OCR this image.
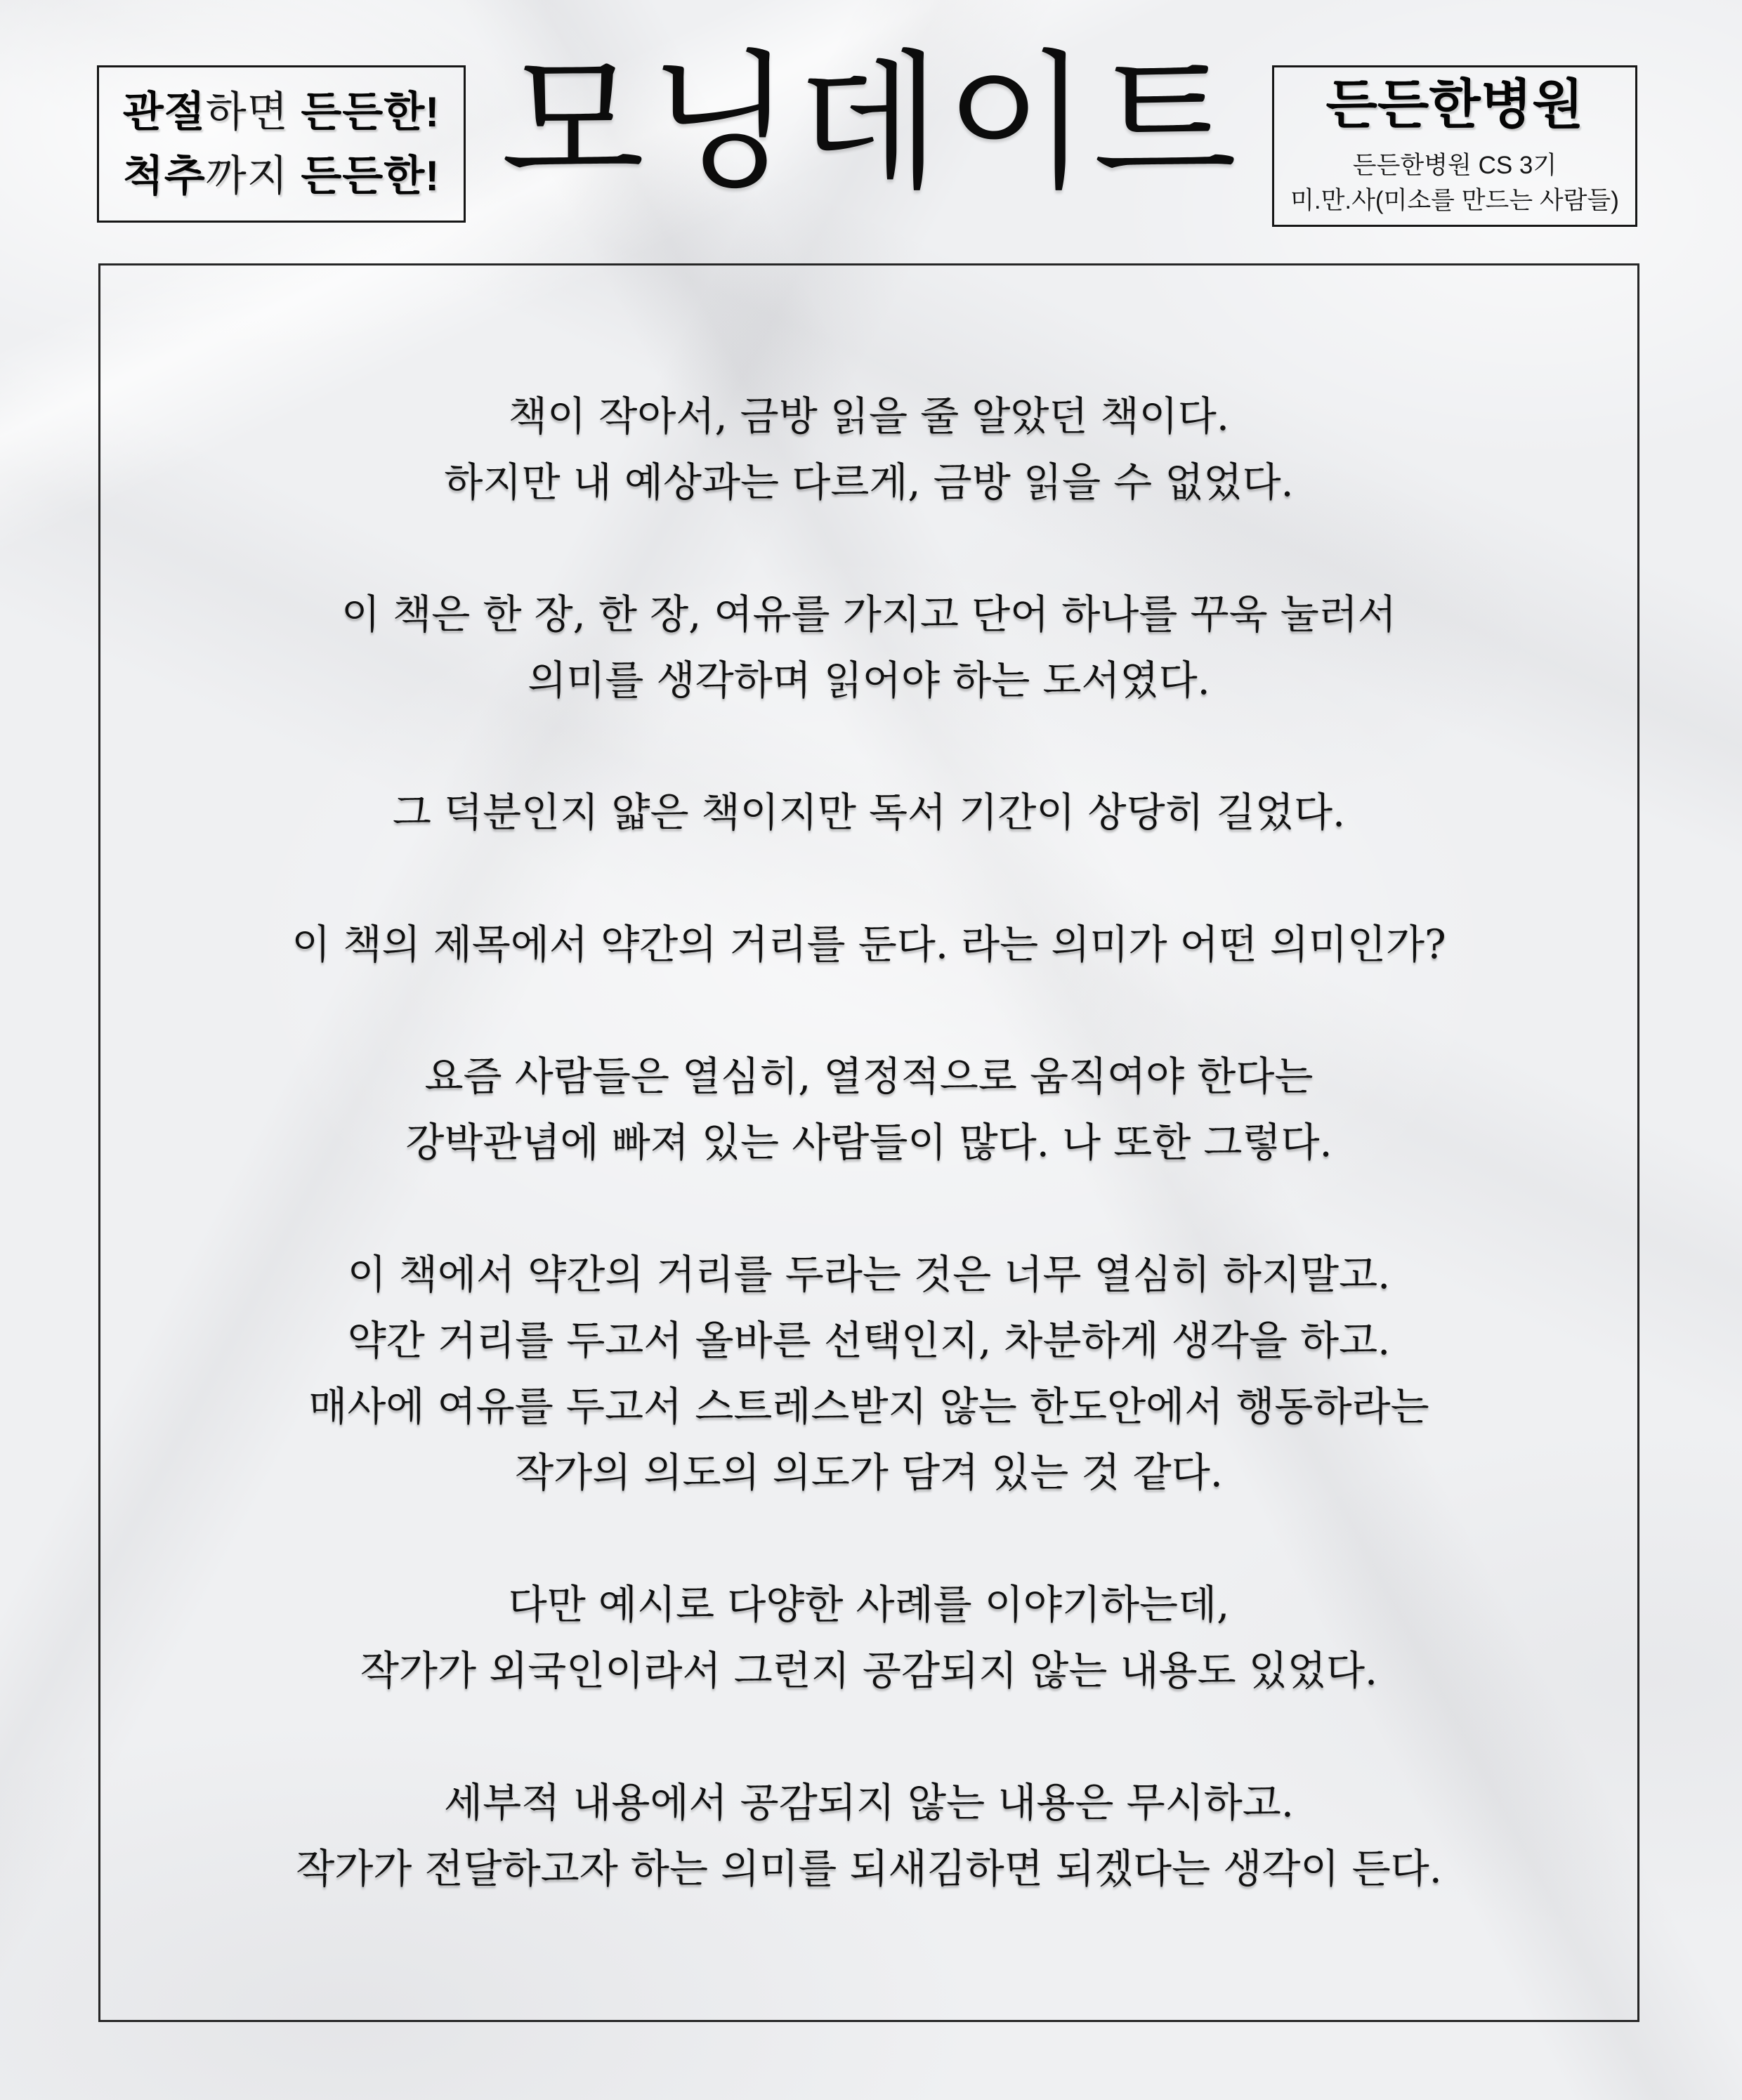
관절하면 든든한!
척추까지 든든한! 모닝데이트	든든한병원
든든한병원 CS 3기
미.만.사(미소를 만드는 사람들)
책이 작아서, 금방 읽을 줄 알았던 책이다.
하지만 내 예상과는 다르게, 금방 읽을 수 없었다.
이 책은 한 장, 한 장, 여유를 가지고 단어 하나를 꾸욱 눌러서
의미를 생각하며 읽어야 하는 도서였다.
그 덕분인지 얇은 책이지만 독서 기간이 상당히 길었다.
이 책의 제목에서 약간의 거리를 둔다. 라는 의미가 어떤 의미인가?
요즘 사람들은 열심히, 열정적으로 움직여야 한다는
강박관념에 빠져 있는 사람들이 많다. 나 또한 그렇다.
이 책에서 약간의 거리를 두라는 것은 너무 열심히 하지말고.
약간 거리를 두고서 올바른 선택인지, 차분하게 생각을 하고.
매사에 여유를 두고서 스트레스받지 않는 한도안에서 행동하라는
작가의 의도의 의도가 담겨 있는 것 같다.
다만 예시로 다양한 사례를 이야기하는데,
작가가 외국인이라서 그런지 공감되지 않는 내용도 있었다.
세부적 내용에서 공감되지 않는 내용은 무시하고.
작가가 전달하고자 하는 의미를 되새김하면 되겠다는 생각이 든다.
